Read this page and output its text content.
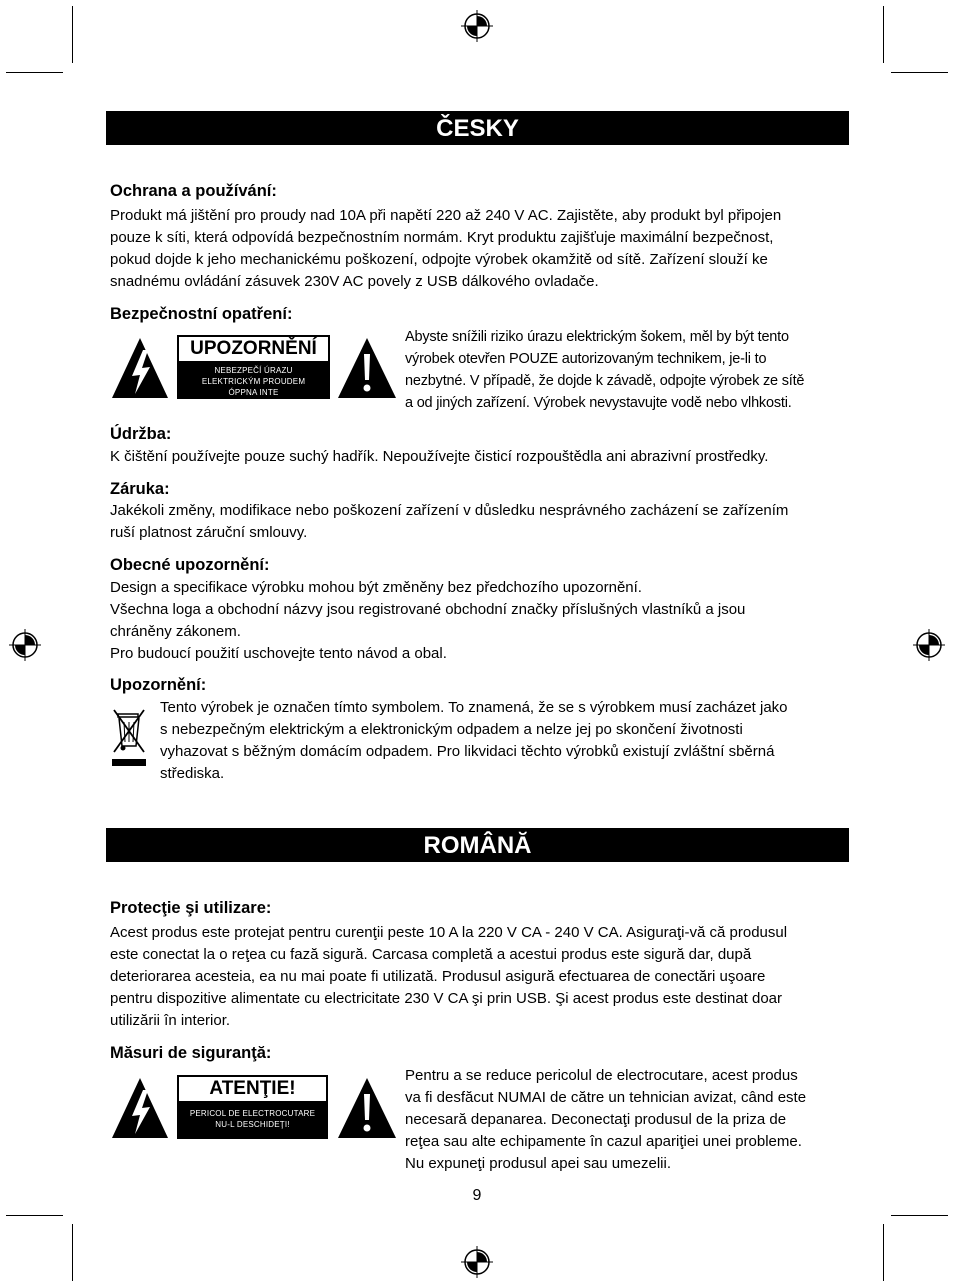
ČESKY
Ochrana a používání:
Produkt má jištění pro proudy nad 10A při napětí 220 až 240 V AC. Zajistěte, aby produkt byl připojen
pouze k síti, která odpovídá bezpečnostním normám. Kryt produktu zajišťuje maximální bezpečnost,
pokud dojde k jeho mechanickému poškození, odpojte výrobek okamžitě od sítě. Zařízení slouží ke
snadnému ovládání zásuvek 230V AC povely z USB dálkového ovladače.
Bezpečnostní opatření:
UPOZORNĚNÍ
NEBEZPEČÍ ÚRAZU
ELEKTRICKÝM PROUDEM
ÓPPNA INTE
Abyste snížili riziko úrazu elektrickým šokem, měl by být tento
výrobek otevřen POUZE autorizovaným technikem, je-li to
nezbytné. V případě, že dojde k závadě, odpojte výrobek ze sítě
a od jiných zařízení. Výrobek nevystavujte vodě nebo vlhkosti.
Údržba:
K čištění používejte pouze suchý hadřík. Nepoužívejte čisticí rozpouštědla ani abrazivní prostředky.
Záruka:
Jakékoli změny, modifikace nebo poškození zařízení v důsledku nesprávného zacházení se zařízením
ruší platnost záruční smlouvy.
Obecné upozornění:
Design a specifikace výrobku mohou být změněny bez předchozího upozornění.
Všechna loga a obchodní názvy jsou registrované obchodní značky příslušných vlastníků a jsou
chráněny zákonem.
Pro budoucí použití uschovejte tento návod a obal.
Upozornění:
Tento výrobek je označen tímto symbolem. To znamená, že se s výrobkem musí zacházet jako
s nebezpečným elektrickým a elektronickým odpadem a nelze jej po skončení životnosti
vyhazovat s běžným domácím odpadem. Pro likvidaci těchto výrobků existují zvláštní sběrná
střediska.
ROMÂNĂ
Protecţie şi utilizare:
Acest produs este protejat pentru curenţii peste 10 A la 220 V CA - 240 V CA. Asiguraţi-vă că produsul
este conectat la o reţea cu fază sigură. Carcasa completă a acestui produs este sigură dar, după
deteriorarea acesteia, ea nu mai poate fi utilizată. Produsul asigură efectuarea de conectări uşoare
pentru dispozitive alimentate cu electricitate 230 V CA şi prin USB. Şi acest produs este destinat doar
utilizării în interior.
Măsuri de siguranţă:
ATENŢIE!
PERICOL DE ELECTROCUTARE
NU-L DESCHIDEŢI!
Pentru a se reduce pericolul de electrocutare, acest produs
va fi desfăcut NUMAI de către un tehnician avizat, când este
necesară depanarea. Deconectaţi produsul de la priza de
reţea sau alte echipamente în cazul apariţiei unei probleme.
Nu expuneţi produsul apei sau umezelii.
9
